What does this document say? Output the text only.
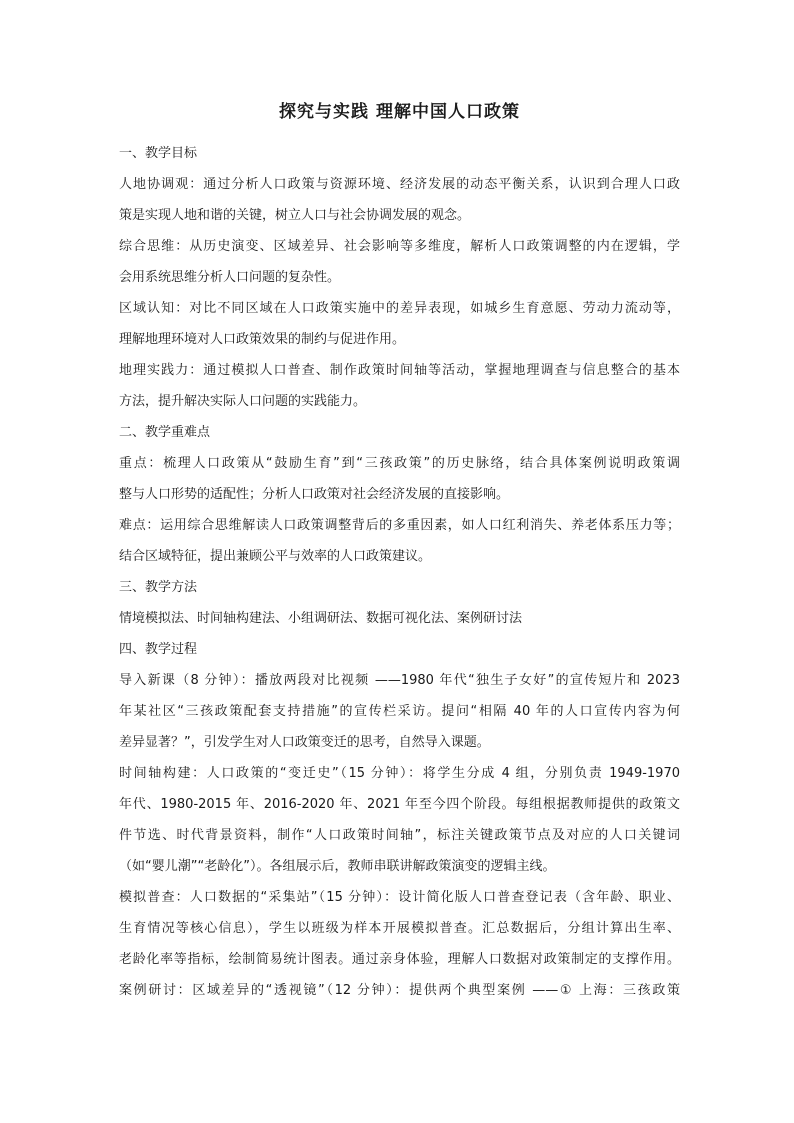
探究与实践 理解中国人口政策

一、教学目标

人地协调观：通过分析人口政策与资源环境、经济发展的动态平衡关系，认识到合理人口政

策是实现人地和谐的关键，树立人口与社会协调发展的观念。

综合思维：从历史演变、区域差异、社会影响等多维度，解析人口政策调整的内在逻辑，学

会用系统思维分析人口问题的复杂性。

区域认知：对比不同区域在人口政策实施中的差异表现，如城乡生育意愿、劳动力流动等，

理解地理环境对人口政策效果的制约与促进作用。

地理实践力：通过模拟人口普查、制作政策时间轴等活动，掌握地理调查与信息整合的基本

方法，提升解决实际人口问题的实践能力。

二、教学重难点

重点：梳理人口政策从“鼓励生育”到“三孩政策”的历史脉络，结合具体案例说明政策调

整与人口形势的适配性；分析人口政策对社会经济发展的直接影响。

难点：运用综合思维解读人口政策调整背后的多重因素，如人口红利消失、养老体系压力等；

结合区域特征，提出兼顾公平与效率的人口政策建议。

三、教学方法

情境模拟法、时间轴构建法、小组调研法、数据可视化法、案例研讨法

四、教学过程

导入新课（8 分钟）：播放两段对比视频 ——1980 年代“独生子女好”的宣传短片和 2023

年某社区“三孩政策配套支持措施”的宣传栏采访。提问“相隔 40 年的人口宣传内容为何

差异显著？”，引发学生对人口政策变迁的思考，自然导入课题。

时间轴构建：人口政策的“变迁史”（15 分钟）：将学生分成 4 组，分别负责 1949-1970

年代、1980-2015 年、2016-2020 年、2021 年至今四个阶段。每组根据教师提供的政策文

件节选、时代背景资料，制作“人口政策时间轴”，标注关键政策节点及对应的人口关键词

（如“婴儿潮”“老龄化”）。各组展示后，教师串联讲解政策演变的逻辑主线。

模拟普查：人口数据的“采集站”（15 分钟）：设计简化版人口普查登记表（含年龄、职业、

生育情况等核心信息），学生以班级为样本开展模拟普查。汇总数据后，分组计算出生率、

老龄化率等指标，绘制简易统计图表。通过亲身体验，理解人口数据对政策制定的支撑作用。

案例研讨：区域差异的“透视镜”（12 分钟）：提供两个典型案例 ——① 上海：三孩政策
